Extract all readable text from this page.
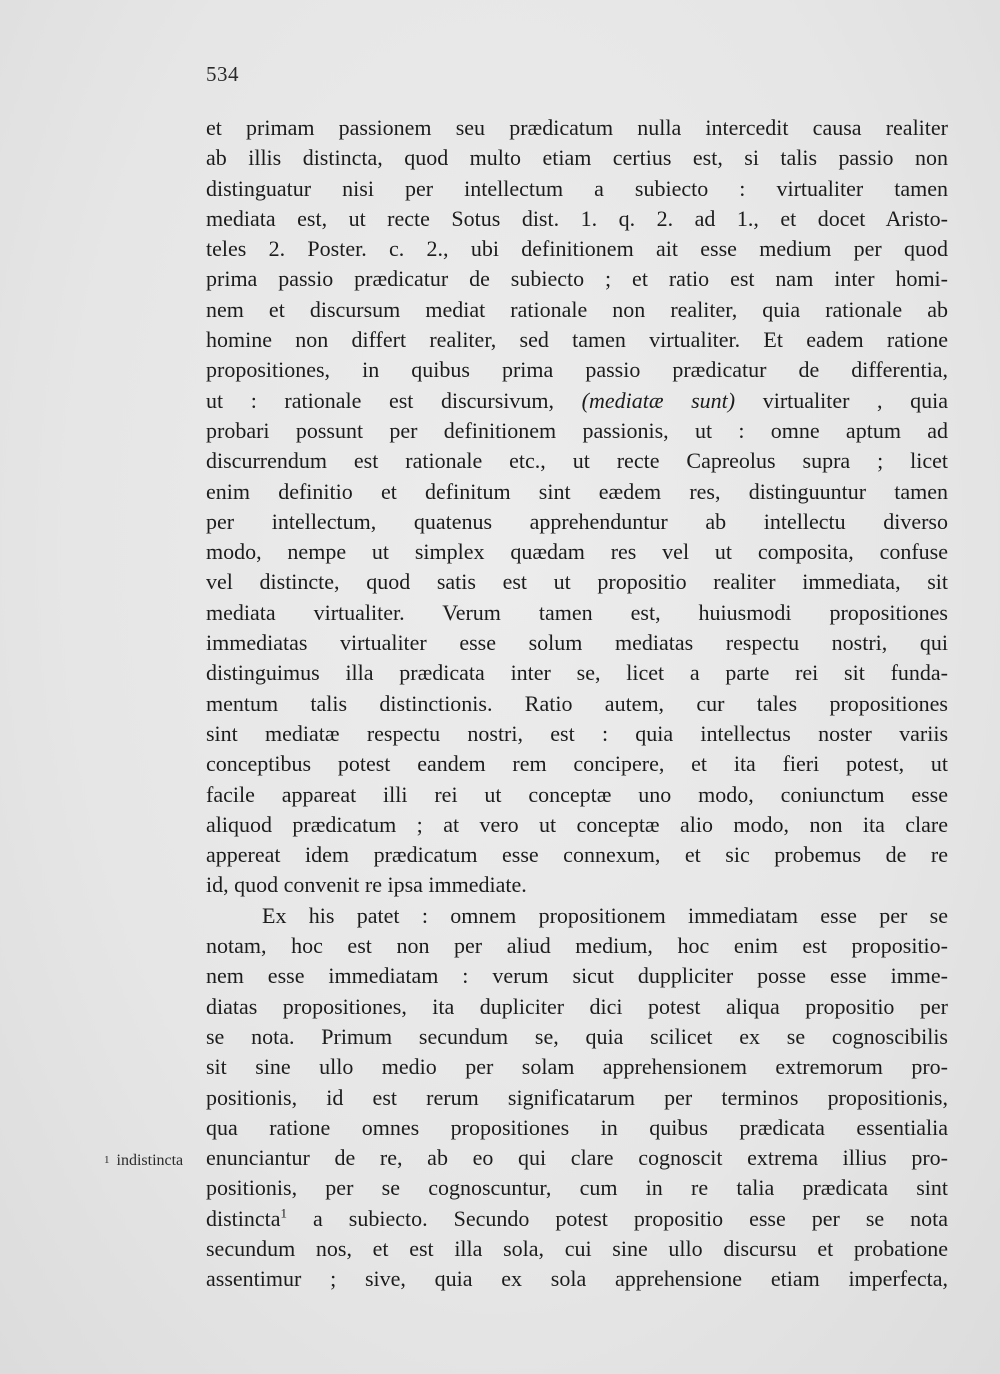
534
et primam passionem seu prædicatum nulla intercedit causa realiter
ab illis distincta, quod multo etiam certius est, si talis passio non
distinguatur nisi per intellectum a subiecto : virtualiter tamen
mediata est, ut recte Sotus dist. 1. q. 2. ad 1., et docet Aristo-
teles 2. Poster. c. 2., ubi definitionem ait esse medium per quod
prima passio prædicatur de subiecto ; et ratio est nam inter homi-
nem et discursum mediat rationale non realiter, quia rationale ab
homine non differt realiter, sed tamen virtualiter. Et eadem ratione
propositiones, in quibus prima passio prædicatur de differentia,
ut : rationale est discursivum, (mediatæ sunt) virtualiter , quia
probari possunt per definitionem passionis, ut : omne aptum ad
discurrendum est rationale etc., ut recte Capreolus supra ; licet
enim definitio et definitum sint eædem res, distinguuntur tamen
per intellectum, quatenus apprehenduntur ab intellectu diverso
modo, nempe ut simplex quædam res vel ut composita, confuse
vel distincte, quod satis est ut propositio realiter immediata, sit
mediata virtualiter. Verum tamen est, huiusmodi propositiones
immediatas virtualiter esse solum mediatas respectu nostri, qui
distinguimus illa prædicata inter se, licet a parte rei sit funda-
mentum talis distinctionis. Ratio autem, cur tales propositiones
sint mediatæ respectu nostri, est : quia intellectus noster variis
conceptibus potest eandem rem concipere, et ita fieri potest, ut
facile appareat illi rei ut conceptæ uno modo, coniunctum esse
aliquod prædicatum ; at vero ut conceptæ alio modo, non ita clare
appereat idem prædicatum esse connexum, et sic probemus de re
id, quod convenit re ipsa immediate.
Ex his patet : omnem propositionem immediatam esse per se
notam, hoc est non per aliud medium, hoc enim est propositio-
nem esse immediatam : verum sicut duppliciter posse esse imme-
diatas propositiones, ita dupliciter dici potest aliqua propositio per
se nota. Primum secundum se, quia scilicet ex se cognoscibilis
sit sine ullo medio per solam apprehensionem extremorum pro-
positionis, id est rerum significatarum per terminos propositionis,
qua ratione omnes propositiones in quibus prædicata essentialia
enunciantur de re, ab eo qui clare cognoscit extrema illius pro-
positionis, per se cognoscuntur, cum in re talia prædicata sint
distincta$^1$ a subiecto. Secundo potest propositio esse per se nota
secundum nos, et est illa sola, cui sine ullo discursu et probatione
assentimur ; sive, quia ex sola apprehensione etiam imperfecta,
1 indistincta
